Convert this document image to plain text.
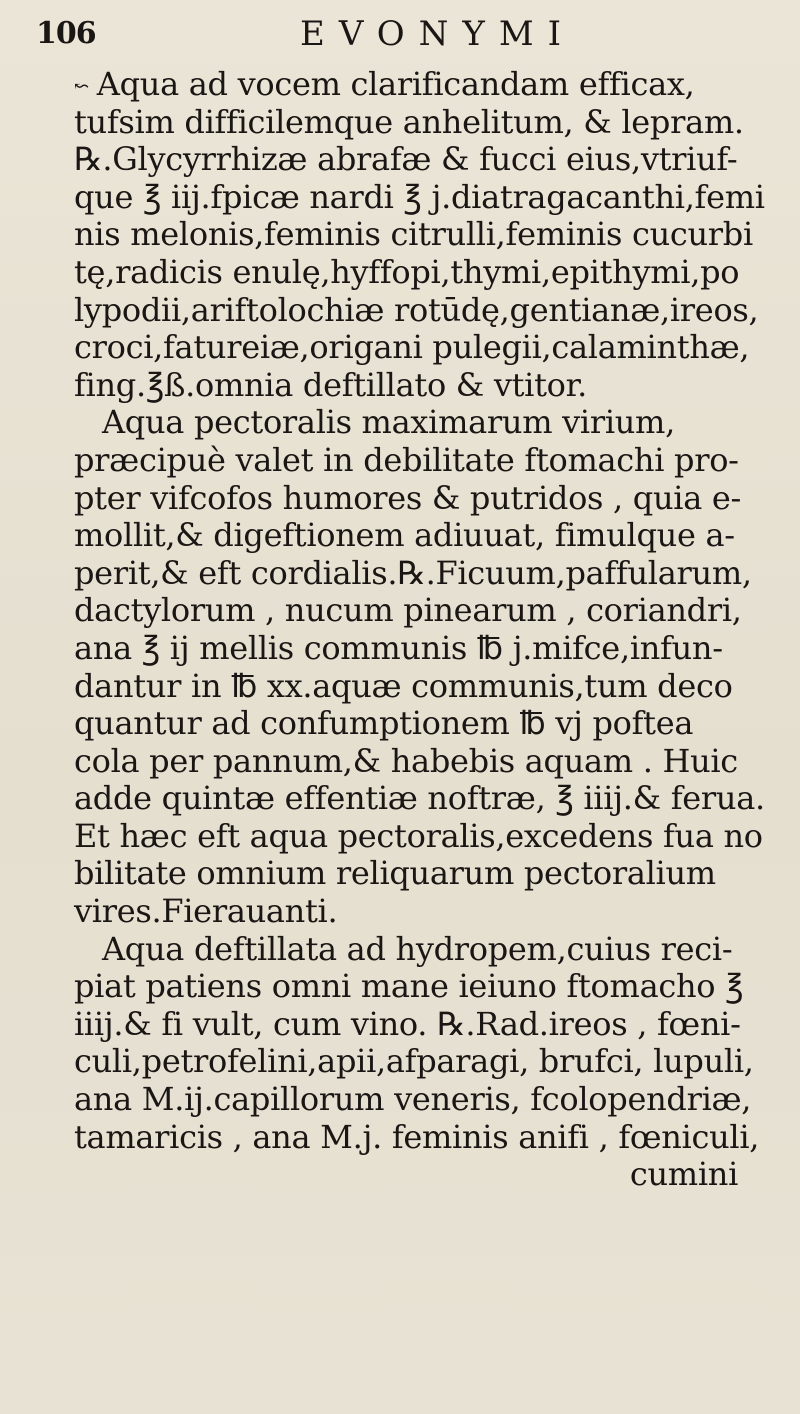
106	EVONYMI
↜ Aqua ad vocem clarificandam efficax,
tufsim difficilemque anhelitum, & lepram.
℞.Glycyrrhizæ abrafæ & fucci eius,vtriuf-
que ℥ iij.fpicæ nardi ℥ j.diatragacanthi,femi
nis melonis,feminis citrulli,feminis cucurbi
tę,radicis enulę,hyffopi,thymi,epithymi,po
lypodii,ariftolochiæ rotūdę,gentianæ,ireos,
croci,fatureiæ,origani pulegii,calaminthæ,
fing.℥ß.omnia deftillato & vtitor.
Aqua pectoralis maximarum virium,
præcipuè valet in debilitate ftomachi pro-
pter vifcofos humores & putridos , quia e-
mollit,& digeftionem adiuuat, fimulque a-
perit,& eft cordialis.℞.Ficuum,paffularum,
dactylorum , nucum pinearum , coriandri,
ana ℥ ij mellis communis ℔ j.mifce,infun-
dantur in ℔ xx.aquæ communis,tum deco
quantur ad confumptionem ℔ vj poftea
cola per pannum,& habebis aquam . Huic
adde quintæ effentiæ noftræ, ℥ iiij.& ferua.
Et hæc eft aqua pectoralis,excedens fua no
bilitate omnium reliquarum pectoralium
vires.Fierauanti.
Aqua deftillata ad hydropem,cuius reci-
piat patiens omni mane ieiuno ftomacho ℥
iiij.& fi vult, cum vino. ℞.Rad.ireos , fœni-
culi,petrofelini,apii,afparagi, brufci, lupuli,
ana M.ij.capillorum veneris, fcolopendriæ,
tamaricis , ana M.j. feminis anifi , fœniculi,
cumini
